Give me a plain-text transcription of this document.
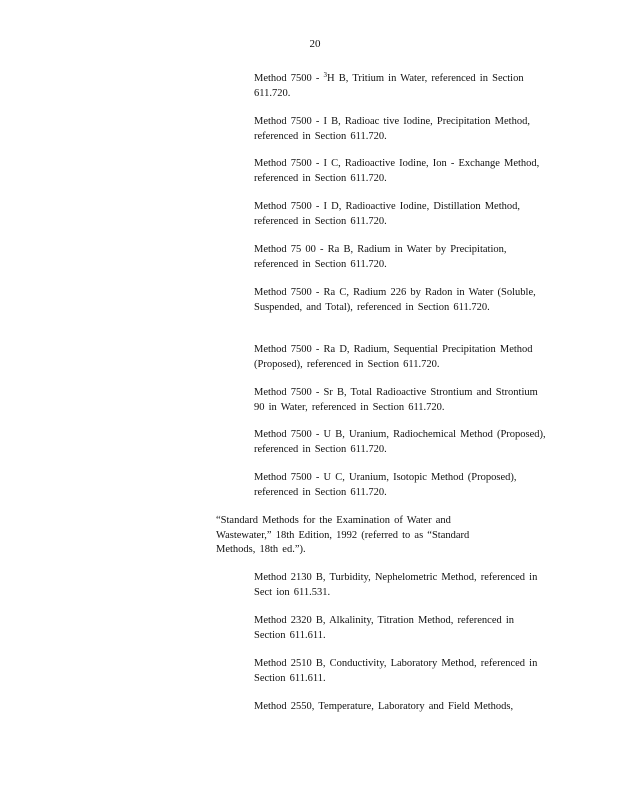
20

Method 7500 - $^3$H B, Tritium in Water, referenced in Section 611.720.

Method 7500 - I B, Radioac tive Iodine, Precipitation Method, referenced in Section 611.720.

Method 7500 - I C, Radioactive Iodine, Ion - Exchange Method, referenced in Section 611.720.

Method 7500 - I D, Radioactive Iodine, Distillation Method, referenced in Section 611.720.

Method 75 00 - Ra B, Radium in Water by Precipitation, referenced in Section 611.720.

Method 7500 - Ra C, Radium 226 by Radon in Water (Soluble, Suspended, and Total), referenced in Section 611.720.

Method 7500 - Ra D, Radium, Sequential Precipitation Method (Proposed), referenced in Section 611.720.

Method 7500 - Sr B, Total Radioactive Strontium and Strontium 90 in Water, referenced in Section 611.720.

Method 7500 - U B, Uranium, Radiochemical Method (Proposed), referenced in Section 611.720.

Method 7500 - U C, Uranium, Isotopic Method (Proposed), referenced in Section 611.720.

“Standard Methods for the Examination of Water and Wastewater,” 18th Edition, 1992 (referred to as “Standard Methods, 18th ed.”).

Method 2130 B, Turbidity, Nephelometric Method, referenced in Sect ion 611.531.

Method 2320 B, Alkalinity, Titration Method, referenced in Section 611.611.

Method 2510 B, Conductivity, Laboratory Method, referenced in Section 611.611.

Method 2550, Temperature, Laboratory and Field Methods,
